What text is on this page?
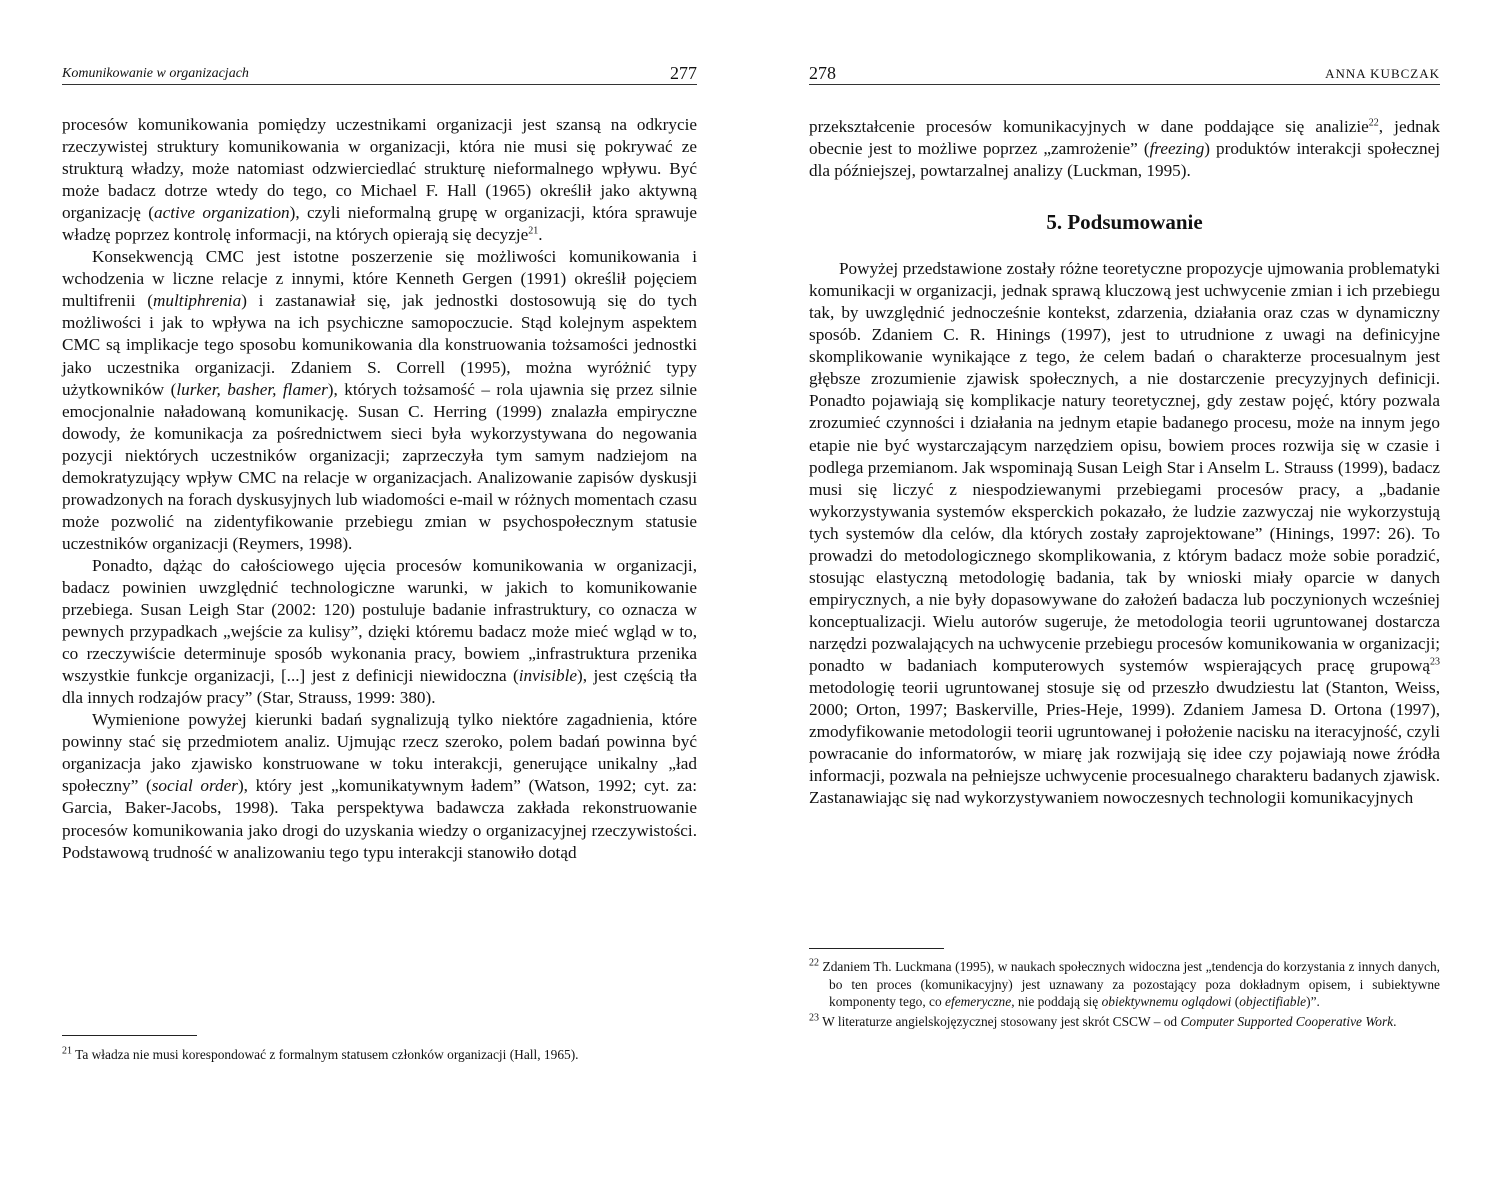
Komunikowanie w organizacjach	277

procesów komunikowania pomiędzy uczestnikami organizacji jest szansą na odkrycie rzeczywistej struktury komunikowania w organizacji, która nie musi się pokrywać ze strukturą władzy, może natomiast odzwierciedlać strukturę nieformalnego wpływu. Być może badacz dotrze wtedy do tego, co Michael F. Hall (1965) określił jako aktywną organizację (active organization), czyli nieformalną grupę w organizacji, która sprawuje władzę poprzez kontrolę informacji, na których opierają się decyzje$^{21}$.

Konsekwencją CMC jest istotne poszerzenie się możliwości komunikowania i wchodzenia w liczne relacje z innymi, które Kenneth Gergen (1991) określił pojęciem multifrenii (multiphrenia) i zastanawiał się, jak jednostki dostosowują się do tych możliwości i jak to wpływa na ich psychiczne samopoczucie. Stąd kolejnym aspektem CMC są implikacje tego sposobu komunikowania dla konstruowania tożsamości jednostki jako uczestnika organizacji. Zdaniem S. Correll (1995), można wyróżnić typy użytkowników (lurker, basher, flamer), których tożsamość – rola ujawnia się przez silnie emocjonalnie naładowaną komunikację. Susan C. Herring (1999) znalazła empiryczne dowody, że komunikacja za pośrednictwem sieci była wykorzystywana do negowania pozycji niektórych uczestników organizacji; zaprzeczyła tym samym nadziejom na demokratyzujący wpływ CMC na relacje w organizacjach. Analizowanie zapisów dyskusji prowadzonych na forach dyskusyjnych lub wiadomości e-mail w różnych momentach czasu może pozwolić na zidentyfikowanie przebiegu zmian w psychospołecznym statusie uczestników organizacji (Reymers, 1998).

Ponadto, dążąc do całościowego ujęcia procesów komunikowania w organizacji, badacz powinien uwzględnić technologiczne warunki, w jakich to komunikowanie przebiega. Susan Leigh Star (2002: 120) postuluje badanie infrastruktury, co oznacza w pewnych przypadkach „wejście za kulisy”, dzięki któremu badacz może mieć wgląd w to, co rzeczywiście determinuje sposób wykonania pracy, bowiem „infrastruktura przenika wszystkie funkcje organizacji, [...] jest z definicji niewidoczna (invisible), jest częścią tła dla innych rodzajów pracy” (Star, Strauss, 1999: 380).

Wymienione powyżej kierunki badań sygnalizują tylko niektóre zagadnienia, które powinny stać się przedmiotem analiz. Ujmując rzecz szeroko, polem badań powinna być organizacja jako zjawisko konstruowane w toku interakcji, generujące unikalny „ład społeczny” (social order), który jest „komunikatywnym ładem” (Watson, 1992; cyt. za: Garcia, Baker-Jacobs, 1998). Taka perspektywa badawcza zakłada rekonstruowanie procesów komunikowania jako drogi do uzyskania wiedzy o organizacyjnej rzeczywistości. Podstawową trudność w analizowaniu tego typu interakcji stanowiło dotąd

$^{21}$ Ta władza nie musi korespondować z formalnym statusem członków organizacji (Hall, 1965).

278	ANNA KUBCZAK

przekształcenie procesów komunikacyjnych w dane poddające się analizie$^{22}$, jednak obecnie jest to możliwe poprzez „zamrożenie” (freezing) produktów interakcji społecznej dla późniejszej, powtarzalnej analizy (Luckman, 1995).

5. Podsumowanie

Powyżej przedstawione zostały różne teoretyczne propozycje ujmowania problematyki komunikacji w organizacji, jednak sprawą kluczową jest uchwycenie zmian i ich przebiegu tak, by uwzględnić jednocześnie kontekst, zdarzenia, działania oraz czas w dynamiczny sposób. Zdaniem C. R. Hinings (1997), jest to utrudnione z uwagi na definicyjne skomplikowanie wynikające z tego, że celem badań o charakterze procesualnym jest głębsze zrozumienie zjawisk społecznych, a nie dostarczenie precyzyjnych definicji. Ponadto pojawiają się komplikacje natury teoretycznej, gdy zestaw pojęć, który pozwala zrozumieć czynności i działania na jednym etapie badanego procesu, może na innym jego etapie nie być wystarczającym narzędziem opisu, bowiem proces rozwija się w czasie i podlega przemianom. Jak wspominają Susan Leigh Star i Anselm L. Strauss (1999), badacz musi się liczyć z niespodziewanymi przebiegami procesów pracy, a „badanie wykorzystywania systemów eksperckich pokazało, że ludzie zazwyczaj nie wykorzystują tych systemów dla celów, dla których zostały zaprojektowane” (Hinings, 1997: 26). To prowadzi do metodologicznego skomplikowania, z którym badacz może sobie poradzić, stosując elastyczną metodologię badania, tak by wnioski miały oparcie w danych empirycznych, a nie były dopasowywane do założeń badacza lub poczynionych wcześniej konceptualizacji. Wielu autorów sugeruje, że metodologia teorii ugruntowanej dostarcza narzędzi pozwalających na uchwycenie przebiegu procesów komunikowania w organizacji; ponadto w badaniach komputerowych systemów wspierających pracę grupową$^{23}$ metodologię teorii ugruntowanej stosuje się od przeszło dwudziestu lat (Stanton, Weiss, 2000; Orton, 1997; Baskerville, Pries-Heje, 1999). Zdaniem Jamesa D. Ortona (1997), zmodyfikowanie metodologii teorii ugruntowanej i położenie nacisku na iteracyjność, czyli powracanie do informatorów, w miarę jak rozwijają się idee czy pojawiają nowe źródła informacji, pozwala na pełniejsze uchwycenie procesualnego charakteru badanych zjawisk. Zastanawiając się nad wykorzystywaniem nowoczesnych technologii komunikacyjnych

$^{22}$ Zdaniem Th. Luckmana (1995), w naukach społecznych widoczna jest „tendencja do korzystania z innych danych, bo ten proces (komunikacyjny) jest uznawany za pozostający poza dokładnym opisem, i subiektywne komponenty tego, co efemeryczne, nie poddają się obiektywnemu oglądowi (objectifiable)”.

$^{23}$ W literaturze angielskojęzycznej stosowany jest skrót CSCW – od Computer Supported Cooperative Work.
